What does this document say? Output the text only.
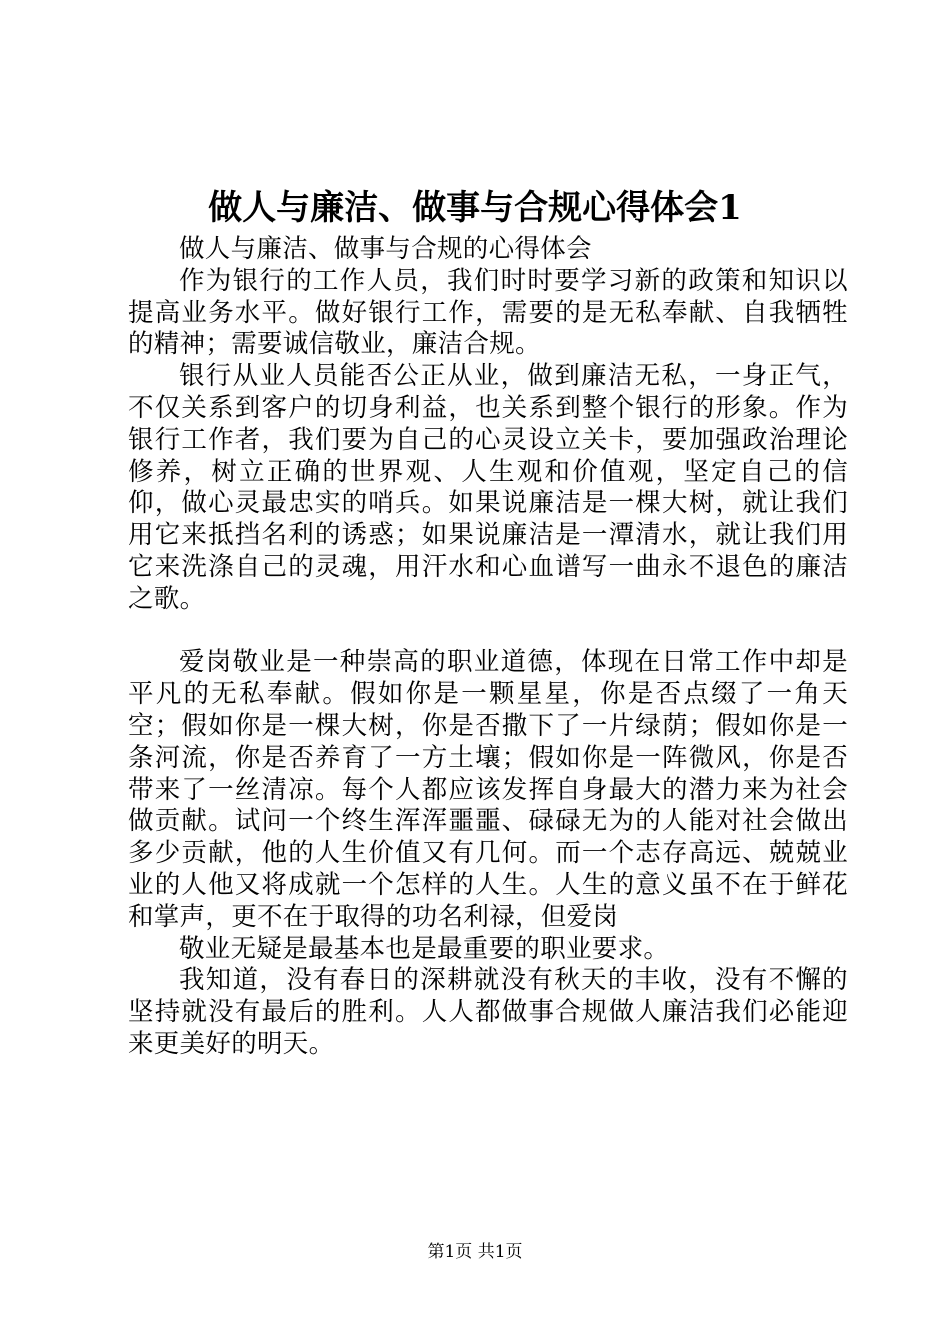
做人与廉洁、做事与合规心得体会1

做人与廉洁、做事与合规的心得体会

作为银行的工作人员，我们时时要学习新的政策和知识以提高业务水平。做好银行工作，需要的是无私奉献、自我牺牲的精神；需要诚信敬业，廉洁合规。

银行从业人员能否公正从业，做到廉洁无私，一身正气，不仅关系到客户的切身利益，也关系到整个银行的形象。作为银行工作者，我们要为自己的心灵设立关卡，要加强政治理论修养，树立正确的世界观、人生观和价值观，坚定自己的信仰，做心灵最忠实的哨兵。如果说廉洁是一棵大树，就让我们用它来抵挡名利的诱惑；如果说廉洁是一潭清水，就让我们用它来洗涤自己的灵魂，用汗水和心血谱写一曲永不退色的廉洁之歌。

爱岗敬业是一种崇高的职业道德，体现在日常工作中却是平凡的无私奉献。假如你是一颗星星，你是否点缀了一角天空；假如你是一棵大树，你是否撒下了一片绿荫；假如你是一条河流，你是否养育了一方土壤；假如你是一阵微风，你是否带来了一丝清凉。每个人都应该发挥自身最大的潜力来为社会做贡献。试问一个终生浑浑噩噩、碌碌无为的人能对社会做出多少贡献，他的人生价值又有几何。而一个志存高远、兢兢业业的人他又将成就一个怎样的人生。人生的意义虽不在于鲜花和掌声，更不在于取得的功名利禄，但爱岗

敬业无疑是最基本也是最重要的职业要求。

我知道，没有春日的深耕就没有秋天的丰收，没有不懈的坚持就没有最后的胜利。人人都做事合规做人廉洁我们必能迎来更美好的明天。

第1页 共1页
